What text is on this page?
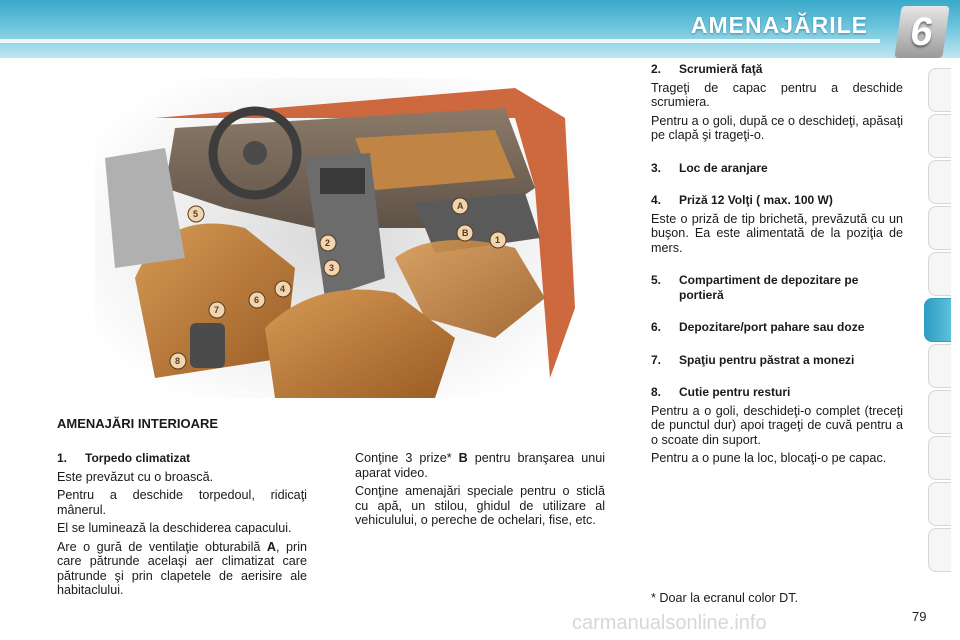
AMENAJĂRILE 6
A
B
1
2
3
4
5
6
7
8
AMENAJĂRI INTERIOARE
1. Torpedo climatizat

Este prevăzut cu o broască.

Pentru a deschide torpedoul, ridicaţi mânerul.

El se luminează la deschiderea capacului.

Are o gură de ventilaţie obturabilă A, prin care pătrunde acelaşi aer climatizat care pătrunde şi prin clapetele de aerisire ale habitaclului.

Conţine 3 prize* B pentru branşarea unui aparat video.

Conţine amenajări speciale pentru o sticlă cu apă, un stilou, ghidul de utilizare al vehiculului, o pereche de ochelari, fise, etc.

2. Scrumieră faţă

Trageţi de capac pentru a deschide scrumiera.

Pentru a o goli, după ce o deschideţi, apăsaţi pe clapă şi trageţi-o.

3. Loc de aranjare
4. Priză 12 Volţi ( max. 100 W)

Este o priză de tip brichetă, prevăzută cu un buşon. Ea este alimentată de la poziţia de mers.

5. Compartiment de depozitare pe portieră
6. Depozitare/port pahare sau doze
7. Spaţiu pentru păstrat a monezi
8. Cutie pentru resturi

Pentru a o goli, deschideţi-o complet (treceţi de punctul dur) apoi trageţi de cuvă pentru a o scoate din suport.

Pentru a o pune la loc, blocaţi-o pe capac.

* Doar la ecranul color DT.
carmanualsonline.info	79
